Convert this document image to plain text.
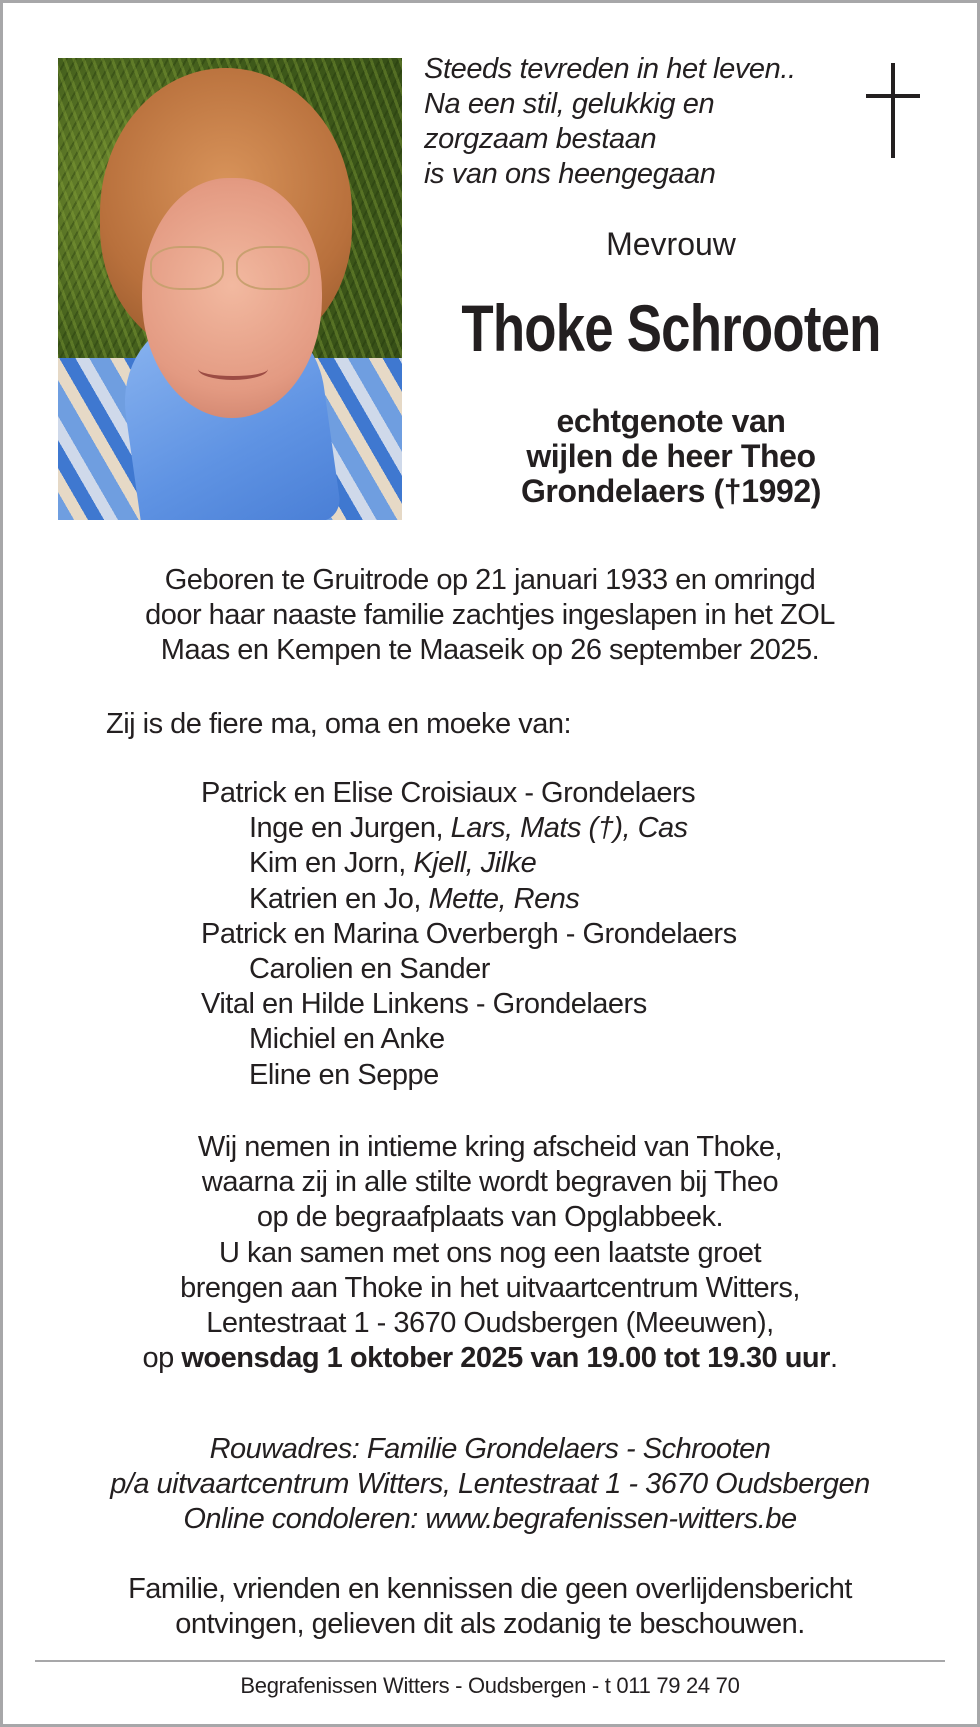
Steeds tevreden in het leven..
Na een stil, gelukkig en
zorgzaam bestaan
is van ons heengegaan
Mevrouw
Thoke Schrooten
echtgenote van
wijlen de heer Theo
Grondelaers (†1992)
Geboren te Gruitrode op 21 januari 1933 en omringd
door haar naaste familie zachtjes ingeslapen in het ZOL
Maas en Kempen te Maaseik op 26 september 2025.
Zij is de fiere ma, oma en moeke van:
Patrick en Elise Croisiaux - Grondelaers
Inge en Jurgen, Lars, Mats (†), Cas
Kim en Jorn, Kjell, Jilke
Katrien en Jo, Mette, Rens
Patrick en Marina Overbergh - Grondelaers
Carolien en Sander
Vital en Hilde Linkens - Grondelaers
Michiel en Anke
Eline en Seppe
Wij nemen in intieme kring afscheid van Thoke,
waarna zij in alle stilte wordt begraven bij Theo
op de begraafplaats van Opglabbeek.
U kan samen met ons nog een laatste groet
brengen aan Thoke in het uitvaartcentrum Witters,
Lentestraat 1 - 3670 Oudsbergen (Meeuwen),
op woensdag 1 oktober 2025 van 19.00 tot 19.30 uur.
Rouwadres: Familie Grondelaers - Schrooten
p/a uitvaartcentrum Witters, Lentestraat 1 - 3670 Oudsbergen
Online condoleren: www.begrafenissen-witters.be
Familie, vrienden en kennissen die geen overlijdensbericht
ontvingen, gelieven dit als zodanig te beschouwen.
Begrafenissen Witters - Oudsbergen - t 011 79 24 70
